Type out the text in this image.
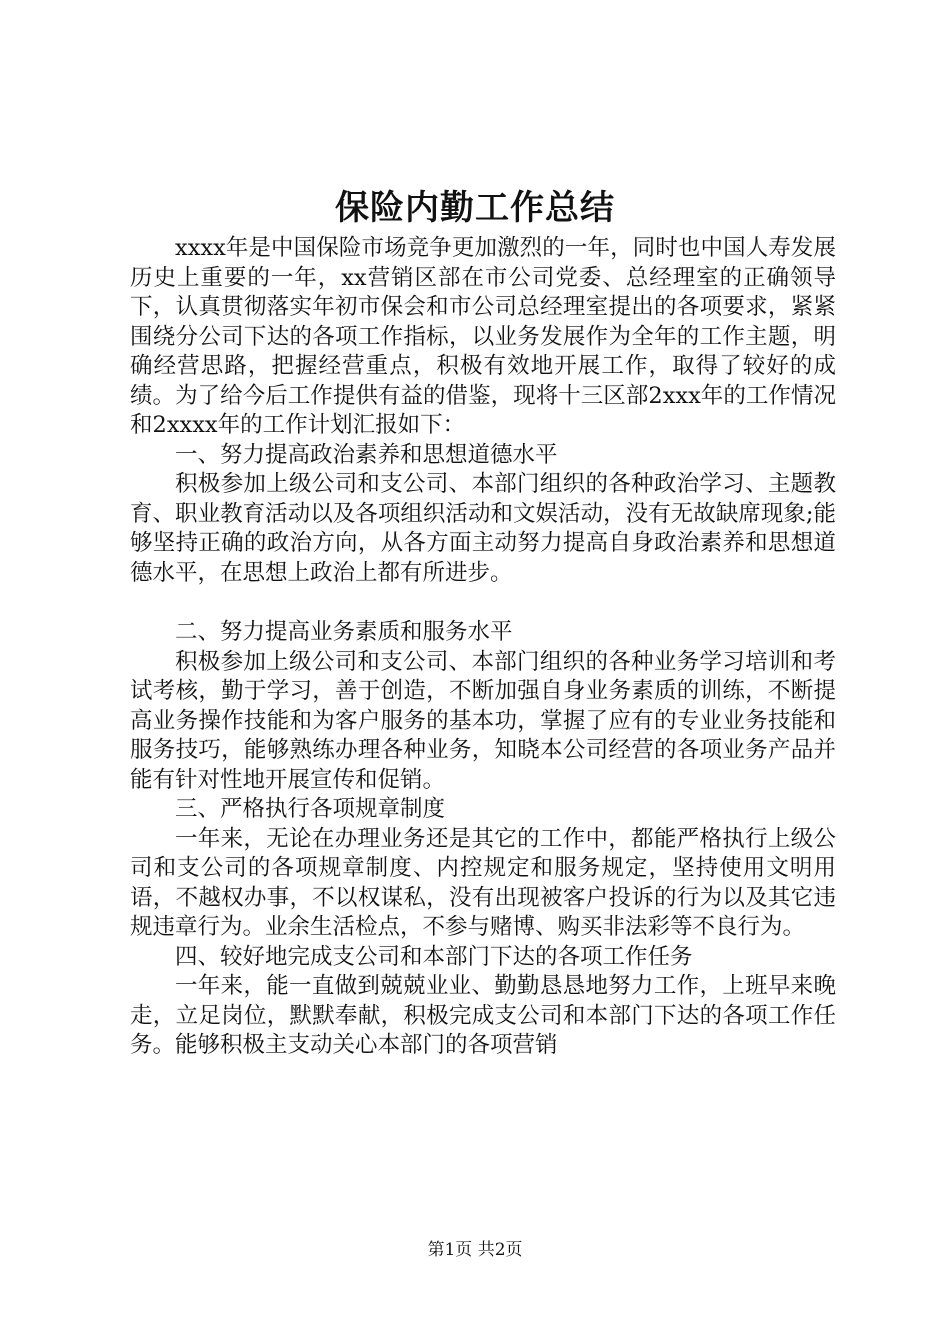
保险内勤工作总结

xxxx年是中国保险市场竞争更加激烈的一年，同时也中国人寿发展历史上重要的一年，xx营销区部在市公司党委、总经理室的正确领导下，认真贯彻落实年初市保会和市公司总经理室提出的各项要求，紧紧围绕分公司下达的各项工作指标，以业务发展作为全年的工作主题，明确经营思路，把握经营重点，积极有效地开展工作，取得了较好的成绩。为了给今后工作提供有益的借鉴，现将十三区部2xxx年的工作情况和2xxxx年的工作计划汇报如下：

一、努力提高政治素养和思想道德水平

积极参加上级公司和支公司、本部门组织的各种政治学习、主题教育、职业教育活动以及各项组织活动和文娱活动，没有无故缺席现象;能够坚持正确的政治方向，从各方面主动努力提高自身政治素养和思想道德水平，在思想上政治上都有所进步。

二、努力提高业务素质和服务水平

积极参加上级公司和支公司、本部门组织的各种业务学习培训和考试考核，勤于学习，善于创造，不断加强自身业务素质的训练，不断提高业务操作技能和为客户服务的基本功，掌握了应有的专业业务技能和服务技巧，能够熟练办理各种业务，知晓本公司经营的各项业务产品并能有针对性地开展宣传和促销。

三、严格执行各项规章制度

一年来，无论在办理业务还是其它的工作中，都能严格执行上级公司和支公司的各项规章制度、内控规定和服务规定，坚持使用文明用语，不越权办事，不以权谋私，没有出现被客户投诉的行为以及其它违规违章行为。业余生活检点，不参与赌博、购买非法彩等不良行为。

四、较好地完成支公司和本部门下达的各项工作任务

一年来，能一直做到兢兢业业、勤勤恳恳地努力工作，上班早来晚走，立足岗位，默默奉献，积极完成支公司和本部门下达的各项工作任务。能够积极主支动关心本部门的各项营销

第1页 共2页
